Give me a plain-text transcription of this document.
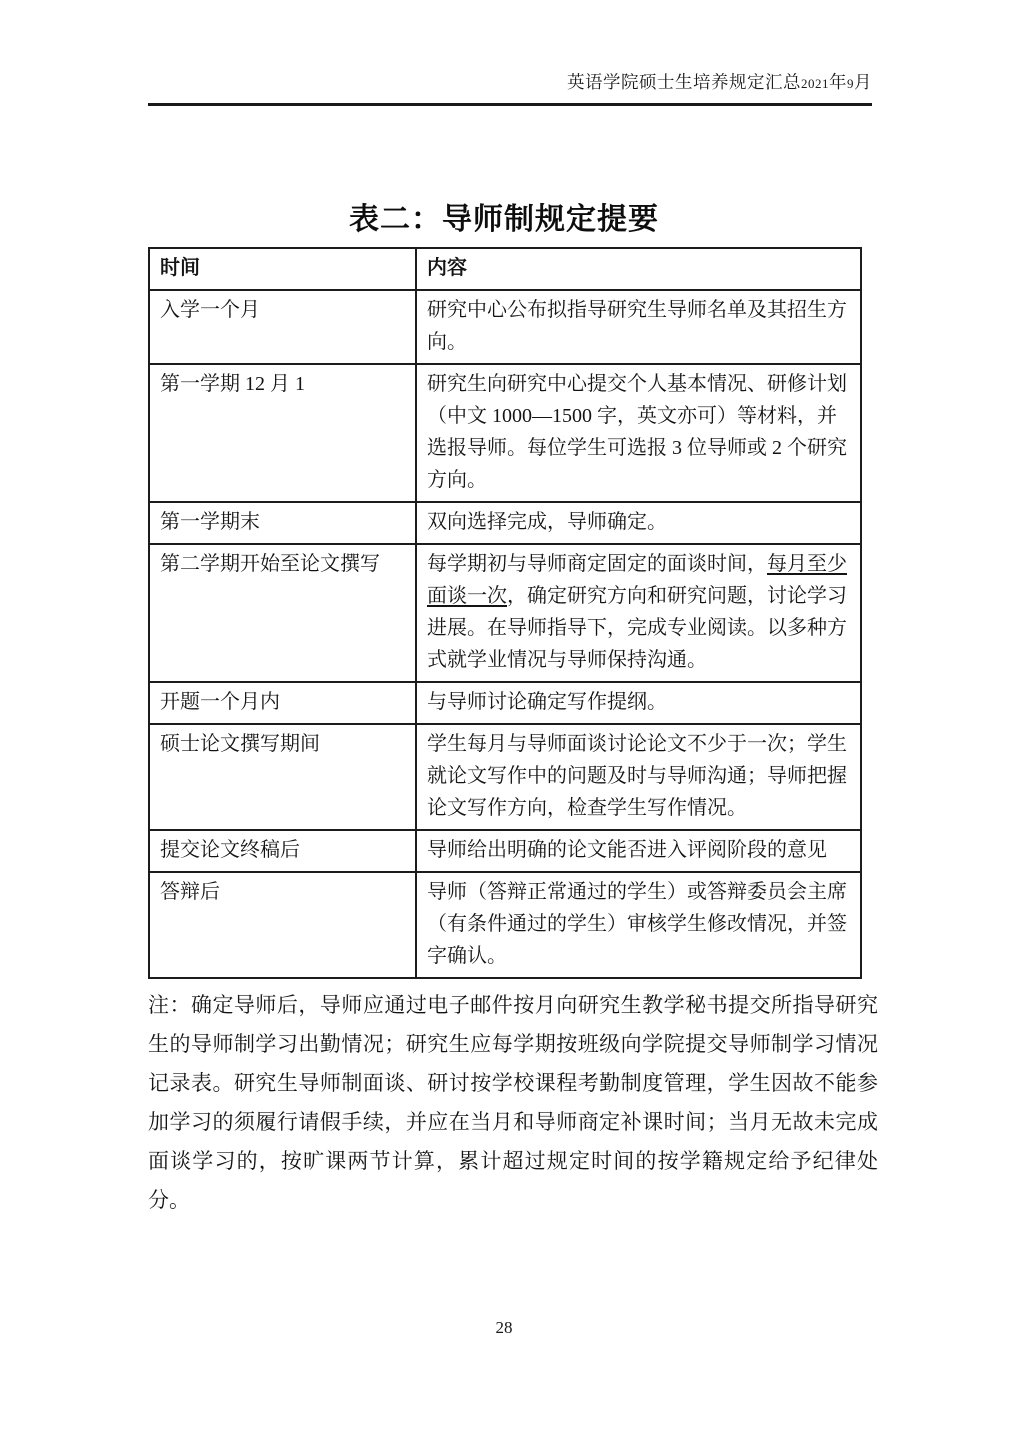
英语学院硕士生培养规定汇总2021年9月
表二：导师制规定提要
时间	内容
入学一个月	研究中心公布拟指导研究生导师名单及其招生方向。
第一学期 12 月 1	研究生向研究中心提交个人基本情况、研修计划（中文 1000—1500 字，英文亦可）等材料，并选报导师。每位学生可选报 3 位导师或 2 个研究方向。
第一学期末	双向选择完成，导师确定。
第二学期开始至论文撰写	每学期初与导师商定固定的面谈时间，每月至少面谈一次，确定研究方向和研究问题，讨论学习进展。在导师指导下，完成专业阅读。以多种方式就学业情况与导师保持沟通。
开题一个月内	与导师讨论确定写作提纲。
硕士论文撰写期间	学生每月与导师面谈讨论论文不少于一次；学生就论文写作中的问题及时与导师沟通；导师把握论文写作方向，检查学生写作情况。
提交论文终稿后	导师给出明确的论文能否进入评阅阶段的意见
答辩后	导师（答辩正常通过的学生）或答辩委员会主席（有条件通过的学生）审核学生修改情况，并签字确认。
注：确定导师后，导师应通过电子邮件按月向研究生教学秘书提交所指导研究生的导师制学习出勤情况；研究生应每学期按班级向学院提交导师制学习情况记录表。研究生导师制面谈、研讨按学校课程考勤制度管理，学生因故不能参加学习的须履行请假手续，并应在当月和导师商定补课时间；当月无故未完成面谈学习的，按旷课两节计算，累计超过规定时间的按学籍规定给予纪律处分。
28
